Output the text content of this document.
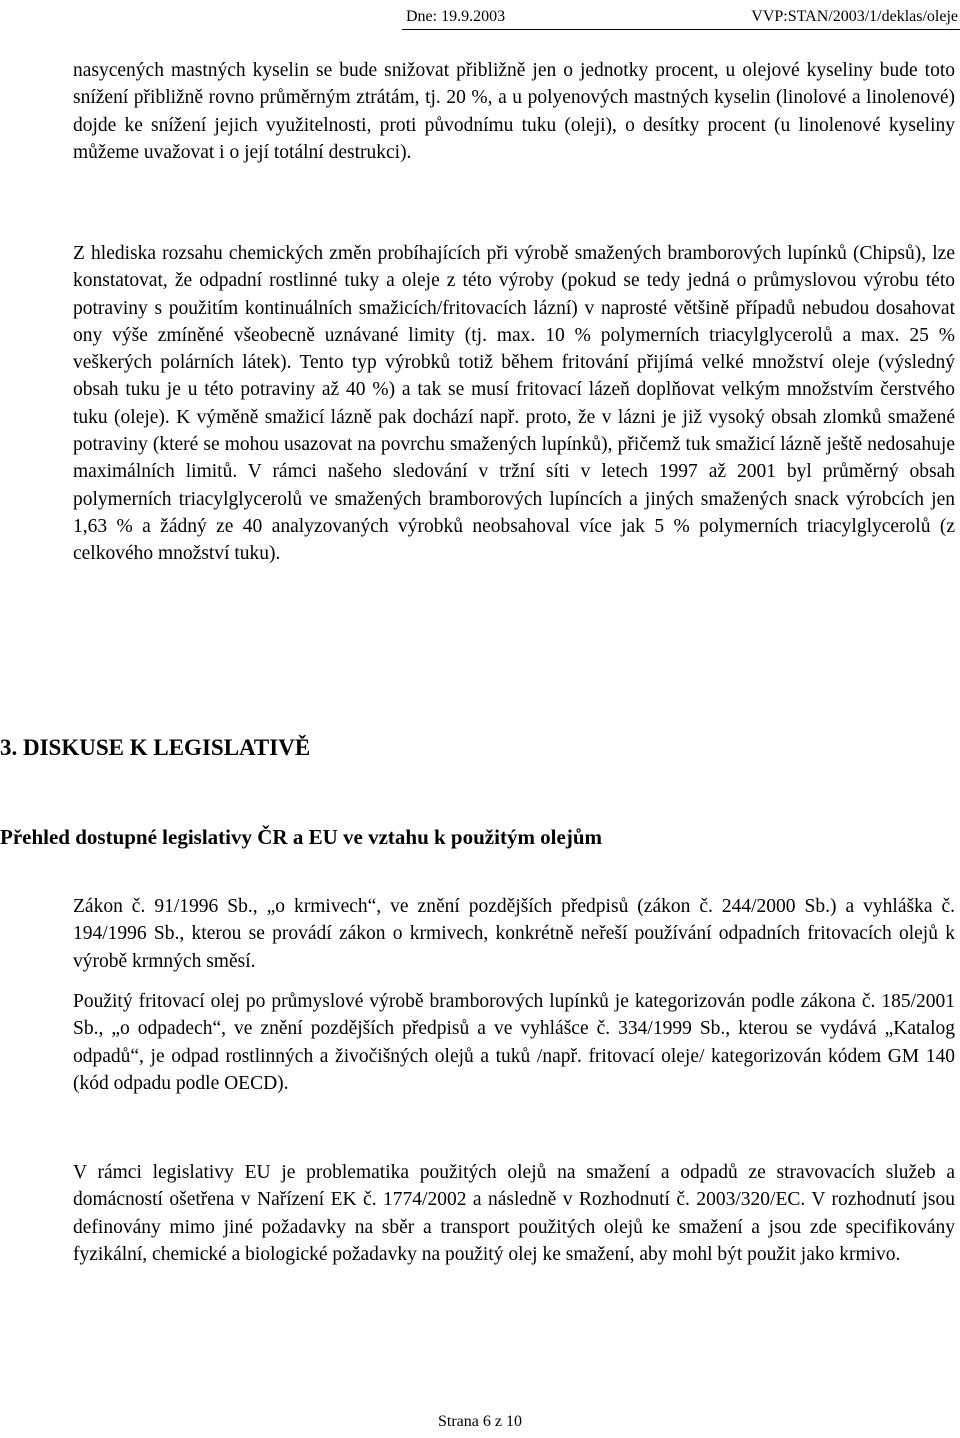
Dne: 19.9.2003	VVP:STAN/2003/1/deklas/oleje

nasycených mastných kyselin se bude snižovat přibližně jen o jednotky procent, u olejové kyseliny bude toto snížení přibližně rovno průměrným ztrátám, tj. 20 %, a u polyenových mastných kyselin (linolové a linolenové) dojde ke snížení jejich využitelnosti, proti původnímu tuku (oleji), o desítky procent (u linolenové kyseliny můžeme uvažovat i o její totální destrukci).

Z hlediska rozsahu chemických změn probíhajících při výrobě smažených bramborových lupínků (Chipsů), lze konstatovat, že odpadní rostlinné tuky a oleje z této výroby (pokud se tedy jedná o průmyslovou výrobu této potraviny s použitím kontinuálních smažicích/fritovacích lázní) v naprosté většině případů nebudou dosahovat ony výše zmíněné všeobecně uznávané limity (tj. max. 10 % polymerních triacylglycerolů a max. 25 % veškerých polárních látek). Tento typ výrobků totiž během fritování přijímá velké množství oleje (výsledný obsah tuku je u této potraviny až 40 %) a tak se musí fritovací lázeň doplňovat velkým množstvím čerstvého tuku (oleje). K výměně smažicí lázně pak dochází např. proto, že v lázni je již vysoký obsah zlomků smažené potraviny (které se mohou usazovat na povrchu smažených lupínků), přičemž tuk smažicí lázně ještě nedosahuje maximálních limitů. V rámci našeho sledování v tržní síti v letech 1997 až 2001 byl průměrný obsah polymerních triacylglycerolů ve smažených bramborových lupíncích a jiných smažených snack výrobcích jen 1,63 % a žádný ze 40 analyzovaných výrobků neobsahoval více jak 5 % polymerních triacylglycerolů (z celkového množství tuku).

3. DISKUSE K LEGISLATIVĚ
Přehled dostupné legislativy ČR a EU ve vztahu k použitým olejům

Zákon č. 91/1996 Sb., „o krmivech“, ve znění pozdějších předpisů (zákon č. 244/2000 Sb.) a vyhláška č. 194/1996 Sb., kterou se provádí zákon o krmivech, konkrétně neřeší používání odpadních fritovacích olejů k výrobě krmných směsí.

Použitý fritovací olej po průmyslové výrobě bramborových lupínků je kategorizován podle zákona č. 185/2001 Sb., „o odpadech“, ve znění pozdějších předpisů a ve vyhlášce č. 334/1999 Sb., kterou se vydává „Katalog odpadů“, je odpad rostlinných a živočišných olejů a tuků /např. fritovací oleje/ kategorizován kódem GM 140 (kód odpadu podle OECD).

V rámci legislativy EU je problematika použitých olejů na smažení a odpadů ze stravovacích služeb a domácností ošetřena v Nařízení EK č. 1774/2002 a následně v Rozhodnutí č. 2003/320/EC. V rozhodnutí jsou definovány mimo jiné požadavky na sběr a transport použitých olejů ke smažení a jsou zde specifikovány fyzikální, chemické a biologické požadavky na použitý olej ke smažení, aby mohl být použit jako krmivo.

Strana 6 z 10
